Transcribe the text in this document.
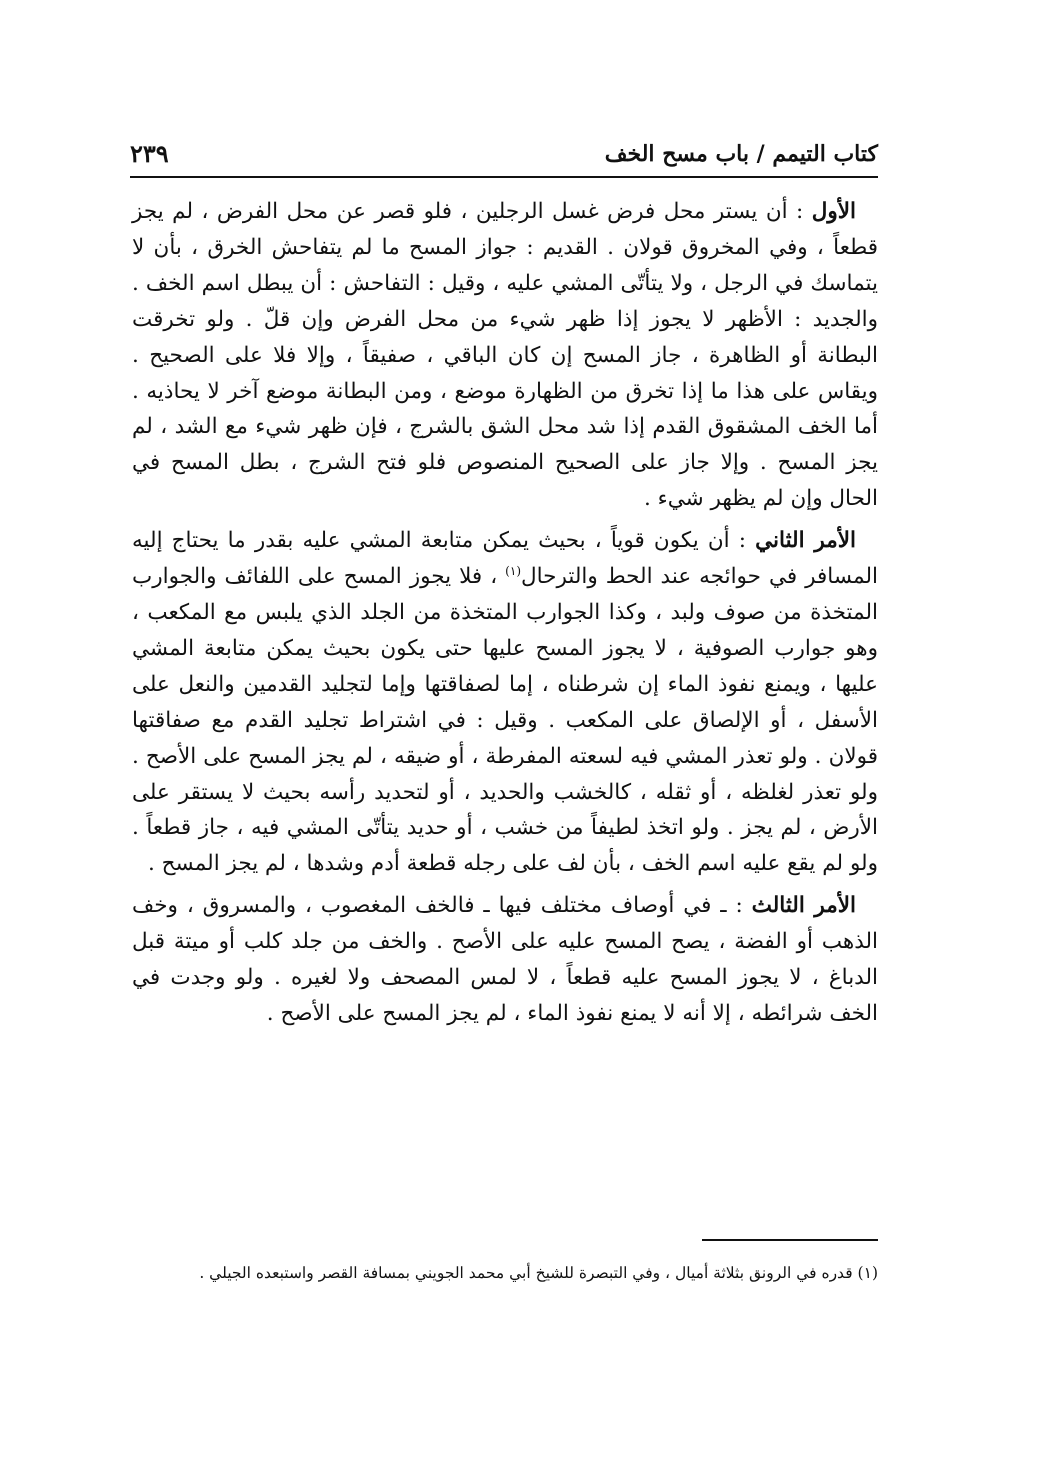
كتاب التيمم / باب مسح الخف
٢٣٩

الأول : أن يستر محل فرض غسل الرجلين ، فلو قصر عن محل الفرض ، لم يجز قطعاً ، وفي المخروق قولان . القديم : جواز المسح ما لم يتفاحش الخرق ، بأن لا يتماسك في الرجل ، ولا يتأتّى المشي عليه ، وقيل : التفاحش : أن يبطل اسم الخف . والجديد : الأظهر لا يجوز إذا ظهر شيء من محل الفرض وإن قلّ . ولو تخرقت البطانة أو الظاهرة ، جاز المسح إن كان الباقي ، صفيقاً ، وإلا فلا على الصحيح . ويقاس على هذا ما إذا تخرق من الظهارة موضع ، ومن البطانة موضع آخر لا يحاذيه . أما الخف المشقوق القدم إذا شد محل الشق بالشرج ، فإن ظهر شيء مع الشد ، لم يجز المسح . وإلا جاز على الصحيح المنصوص فلو فتح الشرج ، بطل المسح في الحال وإن لم يظهر شيء .

الأمر الثاني : أن يكون قوياً ، بحيث يمكن متابعة المشي عليه بقدر ما يحتاج إليه المسافر في حوائجه عند الحط والترحال$^{(١)}$ ، فلا يجوز المسح على اللفائف والجوارب المتخذة من صوف ولبد ، وكذا الجوارب المتخذة من الجلد الذي يلبس مع المكعب ، وهو جوارب الصوفية ، لا يجوز المسح عليها حتى يكون بحيث يمكن متابعة المشي عليها ، ويمنع نفوذ الماء إن شرطناه ، إما لصفاقتها وإما لتجليد القدمين والنعل على الأسفل ، أو الإلصاق على المكعب . وقيل : في اشتراط تجليد القدم مع صفاقتها قولان . ولو تعذر المشي فيه لسعته المفرطة ، أو ضيقه ، لم يجز المسح على الأصح . ولو تعذر لغلظه ، أو ثقله ، كالخشب والحديد ، أو لتحديد رأسه بحيث لا يستقر على الأرض ، لم يجز . ولو اتخذ لطيفاً من خشب ، أو حديد يتأتّى المشي فيه ، جاز قطعاً . ولو لم يقع عليه اسم الخف ، بأن لف على رجله قطعة أدم وشدها ، لم يجز المسح .

الأمر الثالث : ـ في أوصاف مختلف فيها ـ فالخف المغصوب ، والمسروق ، وخف الذهب أو الفضة ، يصح المسح عليه على الأصح . والخف من جلد كلب أو ميتة قبل الدباغ ، لا يجوز المسح عليه قطعاً ، لا لمس المصحف ولا لغيره . ولو وجدت في الخف شرائطه ، إلا أنه لا يمنع نفوذ الماء ، لم يجز المسح على الأصح .

(١) قدره في الرونق بثلاثة أميال ، وفي التبصرة للشيخ أبي محمد الجويني بمسافة القصر واستبعده الجيلي .
